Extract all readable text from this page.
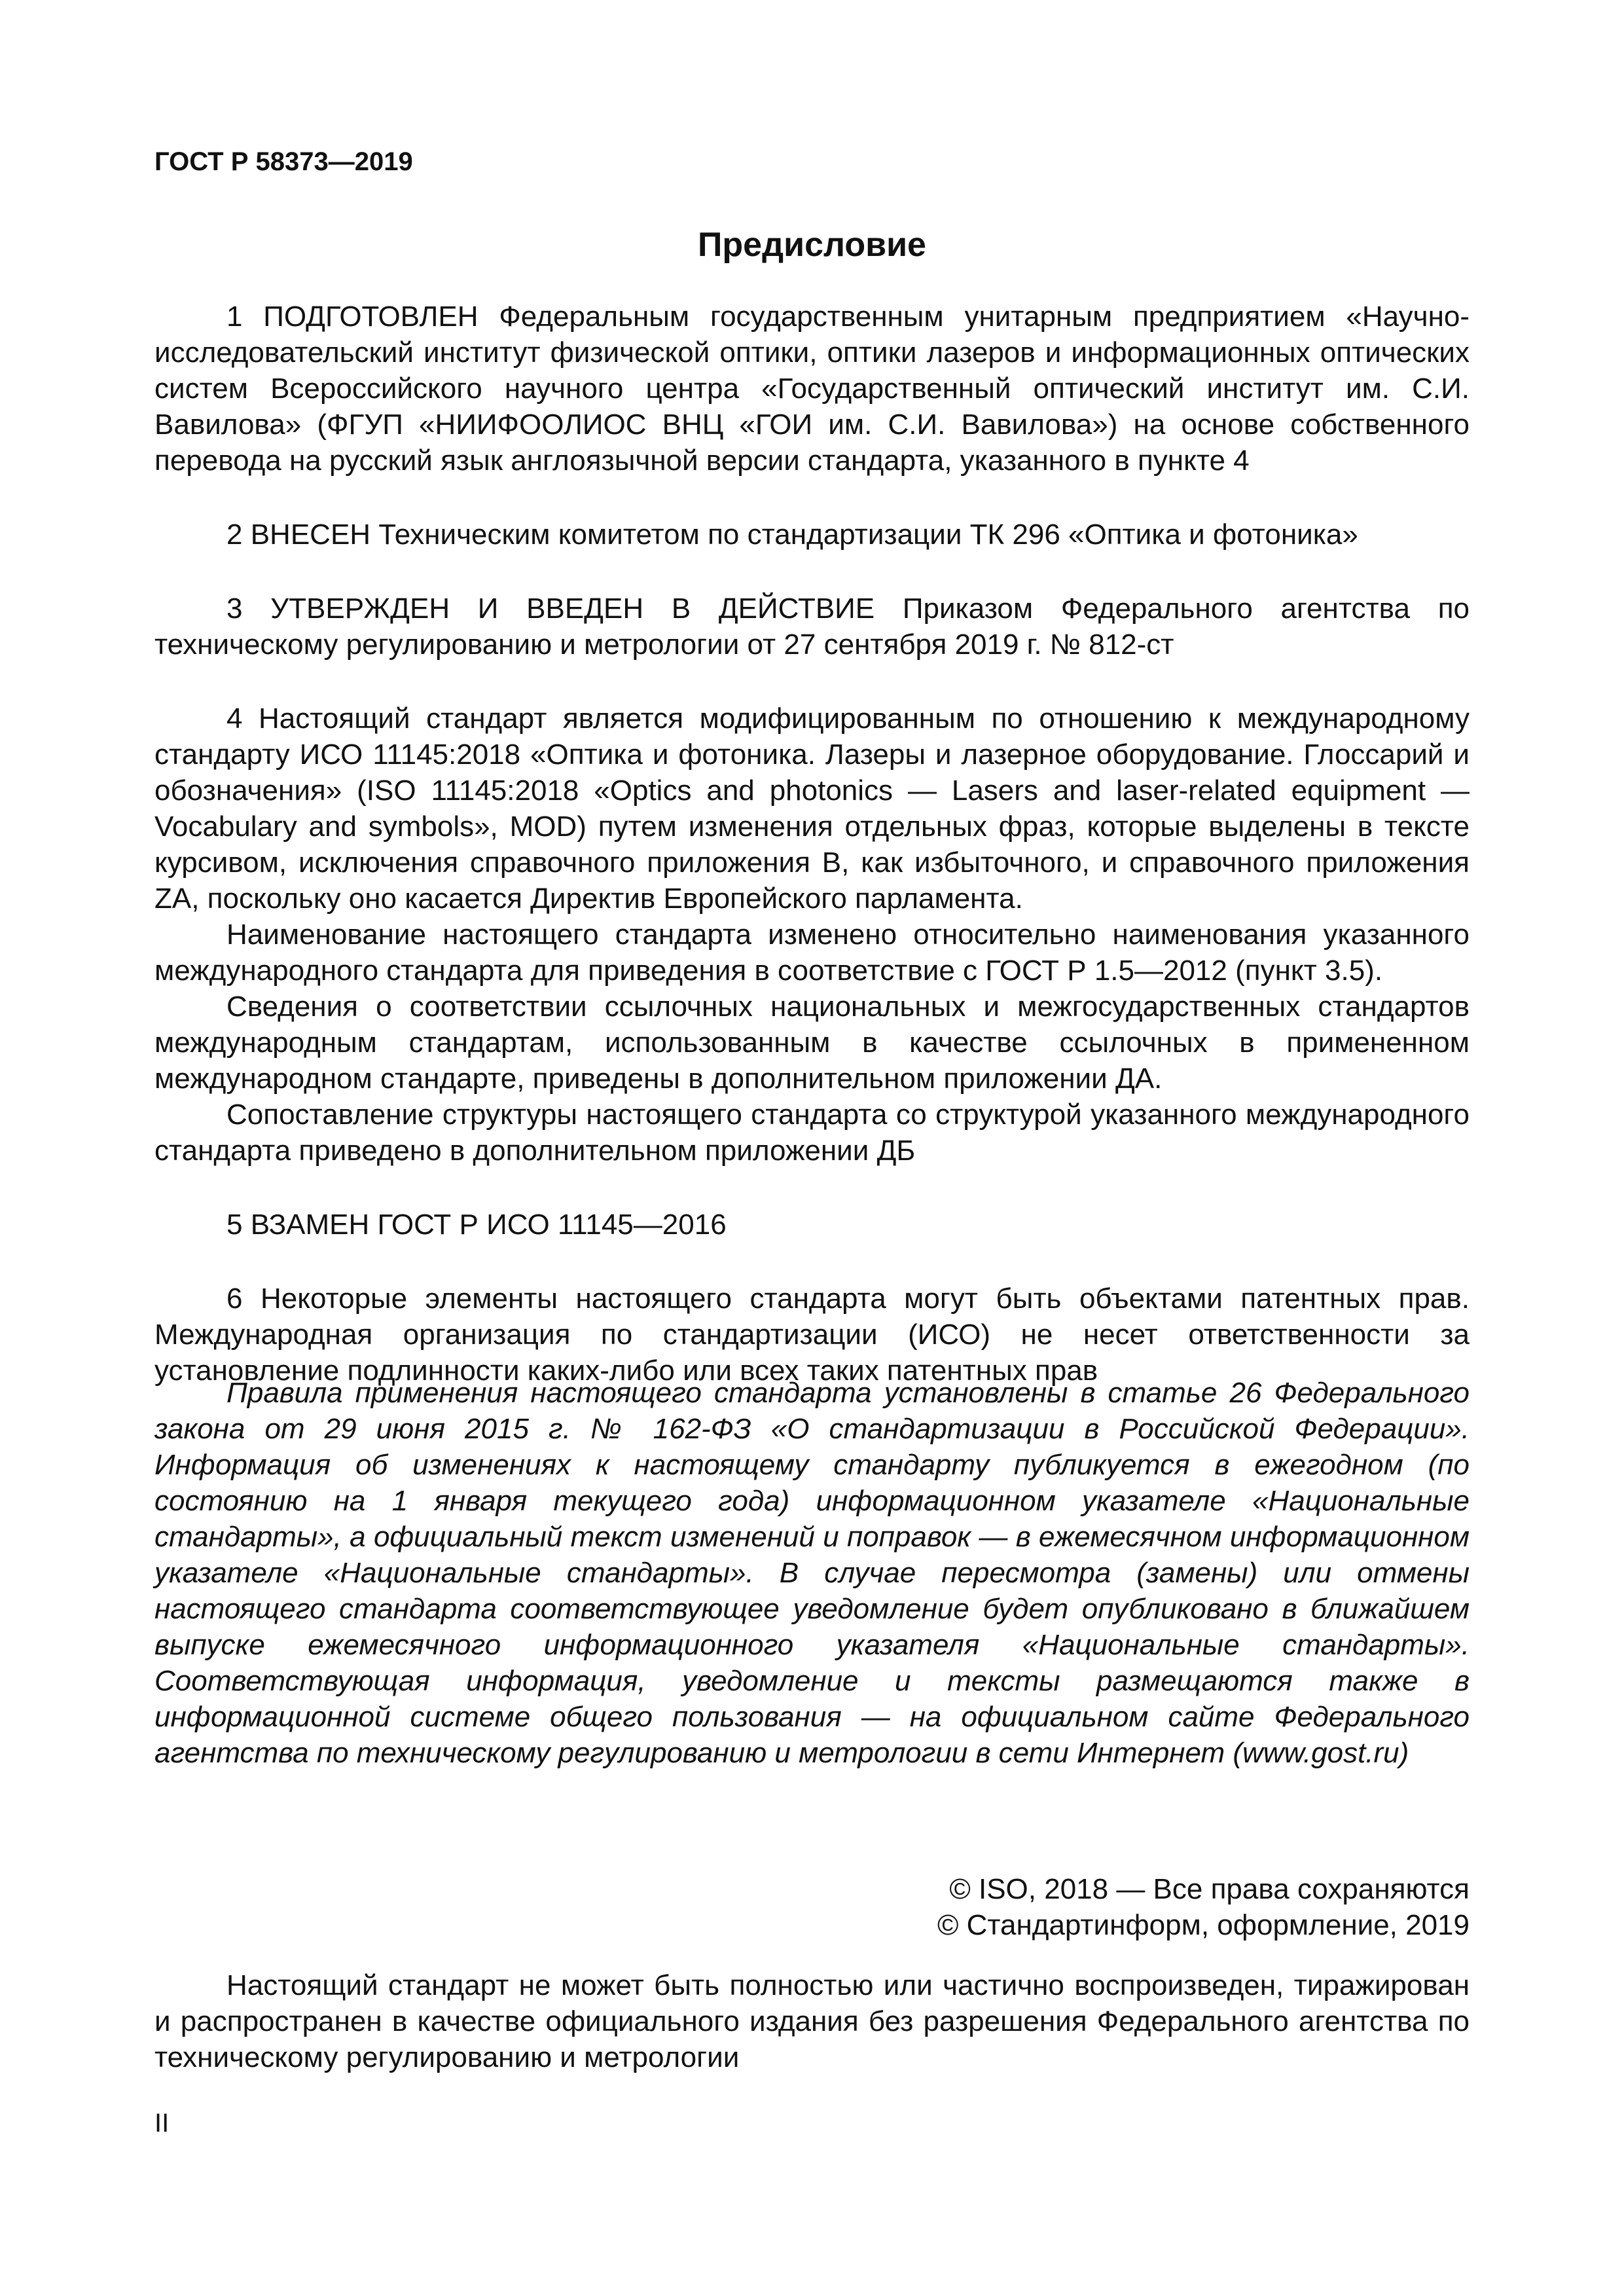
ГОСТ Р 58373—2019
Предисловие

1 ПОДГОТОВЛЕН Федеральным государственным унитарным предприятием «Научно-исследовательский институт физической оптики, оптики лазеров и информационных оптических систем Всероссийского научного центра «Государственный оптический институт им. С.И. Вавилова» (ФГУП «НИИФООЛИОС ВНЦ «ГОИ им. С.И. Вавилова») на основе собственного перевода на русский язык англоязычной версии стандарта, указанного в пункте 4

2 ВНЕСЕН Техническим комитетом по стандартизации ТК 296 «Оптика и фотоника»

3 УТВЕРЖДЕН И ВВЕДЕН В ДЕЙСТВИЕ Приказом Федерального агентства по техническому регулированию и метрологии от 27 сентября 2019 г. № 812-ст

4 Настоящий стандарт является модифицированным по отношению к международному стандарту ИСО 11145:2018 «Оптика и фотоника. Лазеры и лазерное оборудование. Глоссарий и обозначения» (ISO 11145:2018 «Optics and photonics — Lasers and laser-related equipment — Vocabulary and symbols», MOD) путем изменения отдельных фраз, которые выделены в тексте курсивом, исключения справочного приложения В, как избыточного, и справочного приложения ZA, поскольку оно касается Директив Европейского парламента.

Наименование настоящего стандарта изменено относительно наименования указанного международного стандарта для приведения в соответствие с ГОСТ Р 1.5—2012 (пункт 3.5).

Сведения о соответствии ссылочных национальных и межгосударственных стандартов международным стандартам, использованным в качестве ссылочных в примененном международном стандарте, приведены в дополнительном приложении ДА.

Сопоставление структуры настоящего стандарта со структурой указанного международного стандарта приведено в дополнительном приложении ДБ

5 ВЗАМЕН ГОСТ Р ИСО 11145—2016

6 Некоторые элементы настоящего стандарта могут быть объектами патентных прав. Международная организация по стандартизации (ИСО) не несет ответственности за установление подлинности каких-либо или всех таких патентных прав

Правила применения настоящего стандарта установлены в статье 26 Федерального закона от 29 июня 2015 г. № 162-ФЗ «О стандартизации в Российской Федерации». Информация об изменениях к настоящему стандарту публикуется в ежегодном (по состоянию на 1 января текущего года) информационном указателе «Национальные стандарты», а официальный текст изменений и поправок — в ежемесячном информационном указателе «Национальные стандарты». В случае пересмотра (замены) или отмены настоящего стандарта соответствующее уведомление будет опубликовано в ближайшем выпуске ежемесячного информационного указателя «Национальные стандарты». Соответствующая информация, уведомление и тексты размещаются также в информационной системе общего пользования — на официальном сайте Федерального агентства по техническому регулированию и метрологии в сети Интернет (www.gost.ru)

© ISO, 2018 — Все права сохраняются
© Стандартинформ, оформление, 2019

Настоящий стандарт не может быть полностью или частично воспроизведен, тиражирован и распространен в качестве официального издания без разрешения Федерального агентства по техническому регулированию и метрологии

II
